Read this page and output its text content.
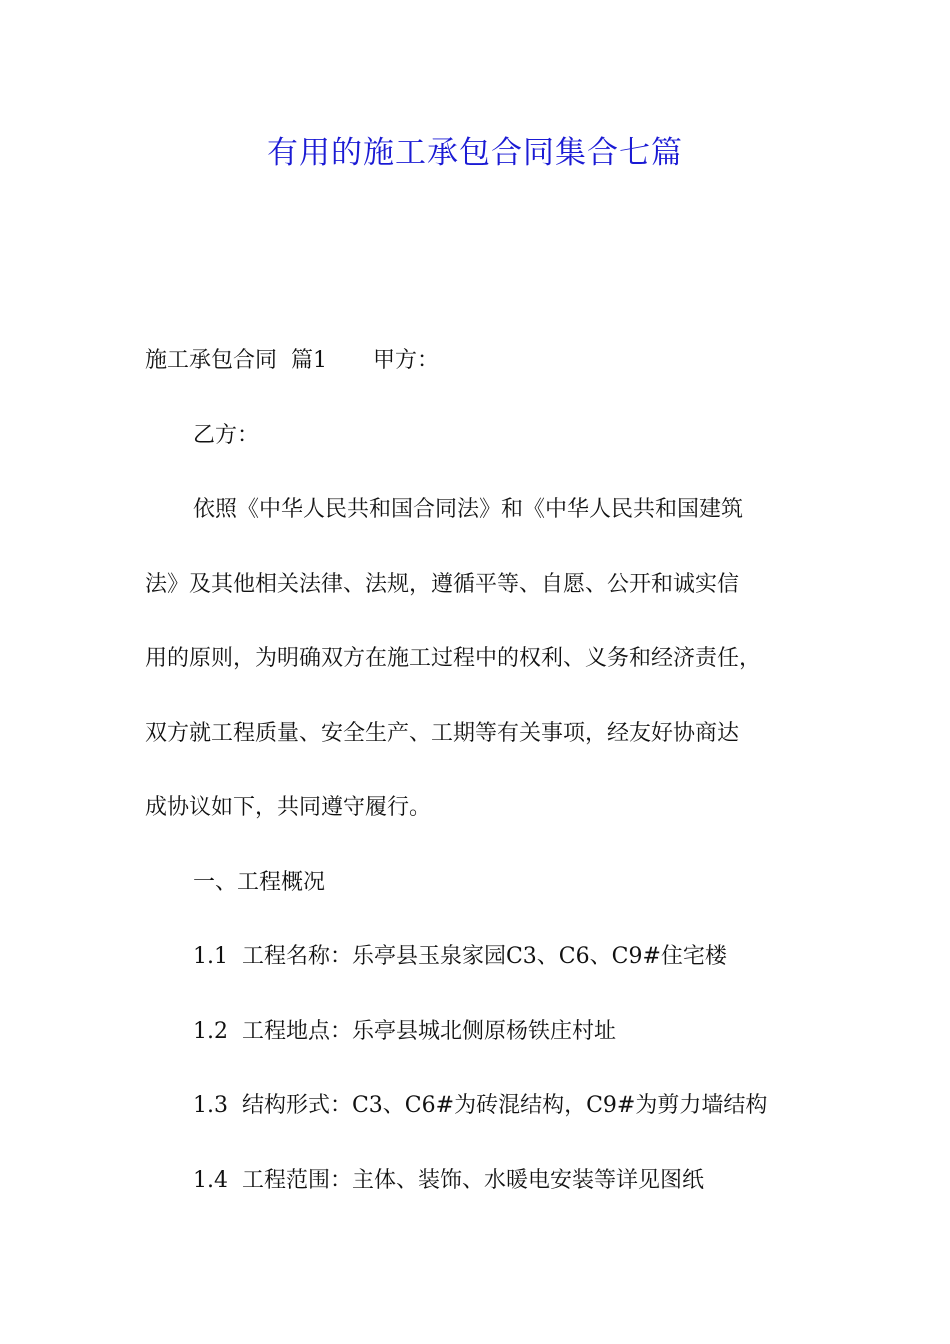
有用的施工承包合同集合七篇
施工承包合同  篇1 甲方：
乙方：
依照《中华人民共和国合同法》和《中华人民共和国建筑
法》及其他相关法律、法规，遵循平等、自愿、公开和诚实信
用的原则，为明确双方在施工过程中的权利、义务和经济责任，
双方就工程质量、安全生产、工期等有关事项，经友好协商达
成协议如下，共同遵守履行。
一、工程概况
1.1  工程名称：乐亭县玉泉家园C3、C6、C9#住宅楼
1.2  工程地点：乐亭县城北侧原杨铁庄村址
1.3  结构形式：C3、C6#为砖混结构，C9#为剪力墙结构
1.4  工程范围：主体、装饰、水暖电安装等详见图纸
